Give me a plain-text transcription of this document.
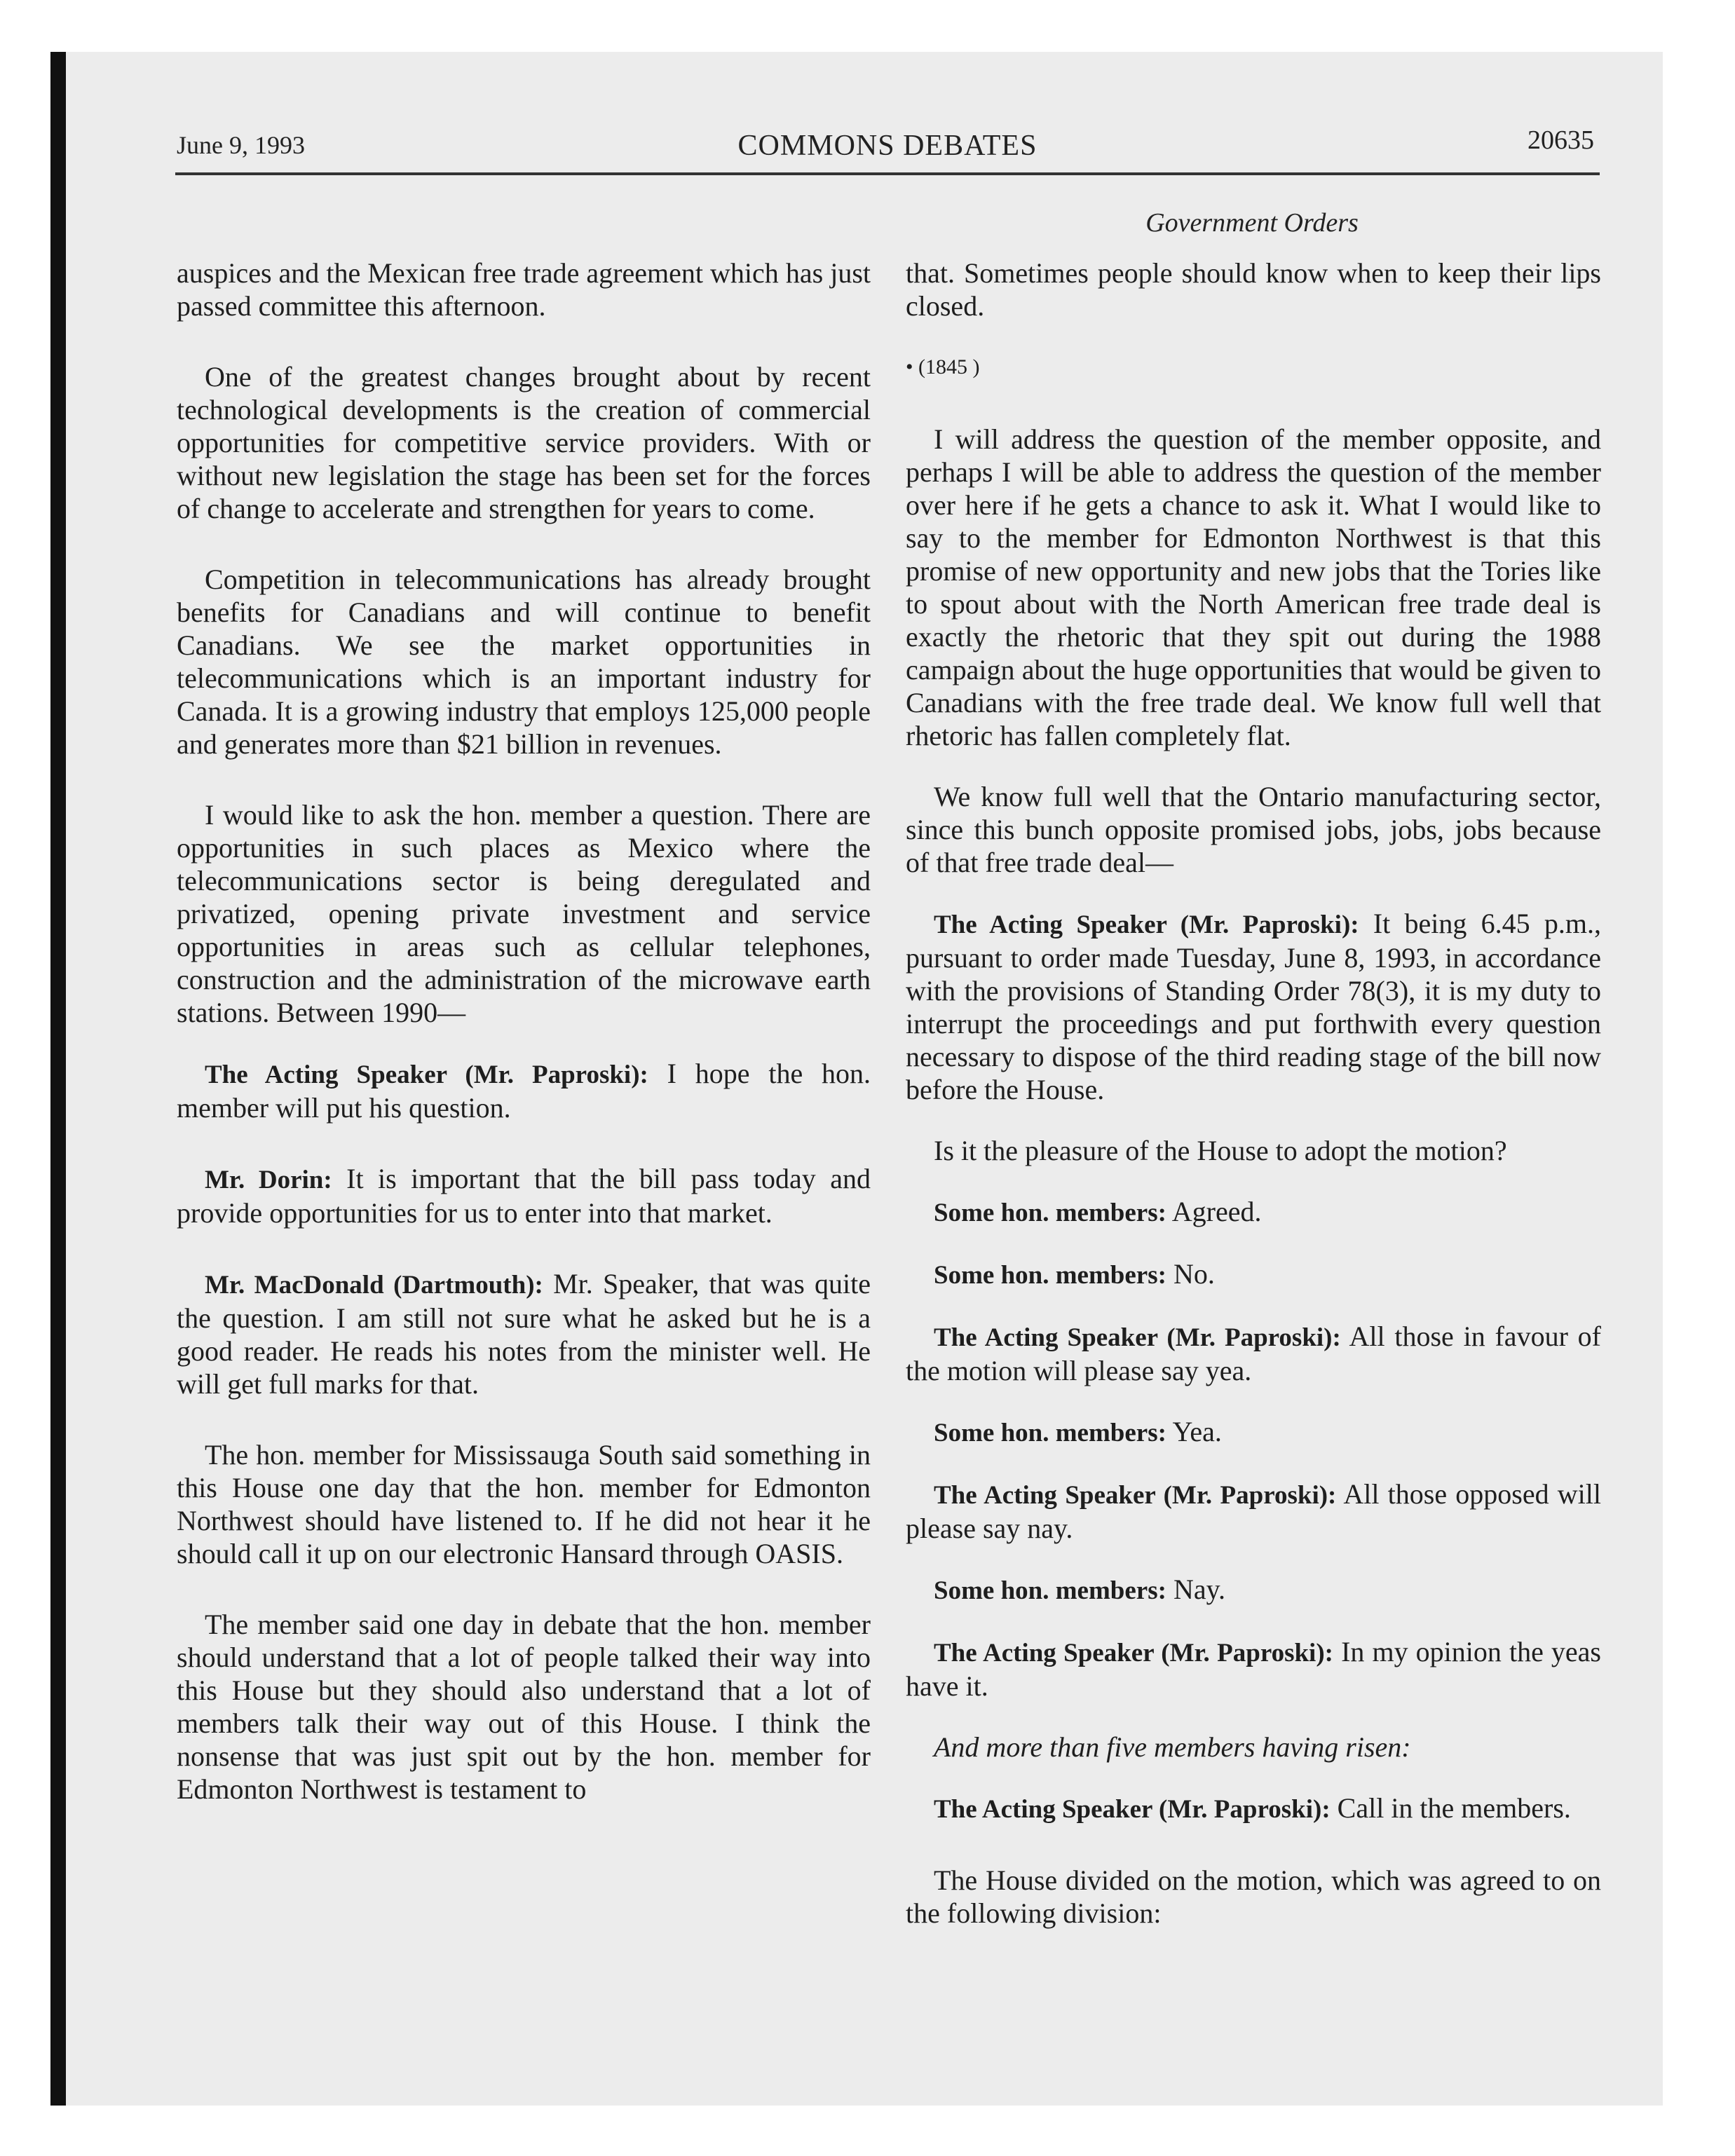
June 9, 1993	COMMONS DEBATES	20635
Government Orders

auspices and the Mexican free trade agreement which has just passed committee this afternoon.

One of the greatest changes brought about by recent technological developments is the creation of commercial opportunities for competitive service providers. With or without new legislation the stage has been set for the forces of change to accelerate and strengthen for years to come.

Competition in telecommunications has already brought benefits for Canadians and will continue to benefit Canadians. We see the market opportunities in telecommunications which is an important industry for Canada. It is a growing industry that employs 125,000 people and generates more than $21 billion in revenues.

I would like to ask the hon. member a question. There are opportunities in such places as Mexico where the telecommunications sector is being deregulated and privatized, opening private investment and service opportunities in areas such as cellular telephones, construction and the administration of the microwave earth stations. Between 1990—

The Acting Speaker (Mr. Paproski): I hope the hon. member will put his question.

Mr. Dorin: It is important that the bill pass today and provide opportunities for us to enter into that market.

Mr. MacDonald (Dartmouth): Mr. Speaker, that was quite the question. I am still not sure what he asked but he is a good reader. He reads his notes from the minister well. He will get full marks for that.

The hon. member for Mississauga South said something in this House one day that the hon. member for Edmonton Northwest should have listened to. If he did not hear it he should call it up on our electronic Hansard through OASIS.

The member said one day in debate that the hon. member should understand that a lot of people talked their way into this House but they should also understand that a lot of members talk their way out of this House. I think the nonsense that was just spit out by the hon. member for Edmonton Northwest is testament to

that. Sometimes people should know when to keep their lips closed.

• (1845 )

I will address the question of the member opposite, and perhaps I will be able to address the question of the member over here if he gets a chance to ask it. What I would like to say to the member for Edmonton Northwest is that this promise of new opportunity and new jobs that the Tories like to spout about with the North American free trade deal is exactly the rhetoric that they spit out during the 1988 campaign about the huge opportunities that would be given to Canadians with the free trade deal. We know full well that rhetoric has fallen completely flat.

We know full well that the Ontario manufacturing sector, since this bunch opposite promised jobs, jobs, jobs because of that free trade deal—

The Acting Speaker (Mr. Paproski): It being 6.45 p.m., pursuant to order made Tuesday, June 8, 1993, in accordance with the provisions of Standing Order 78(3), it is my duty to interrupt the proceedings and put forthwith every question necessary to dispose of the third reading stage of the bill now before the House.

Is it the pleasure of the House to adopt the motion?

Some hon. members: Agreed.

Some hon. members: No.

The Acting Speaker (Mr. Paproski): All those in favour of the motion will please say yea.

Some hon. members: Yea.

The Acting Speaker (Mr. Paproski): All those opposed will please say nay.

Some hon. members: Nay.

The Acting Speaker (Mr. Paproski): In my opinion the yeas have it.

And more than five members having risen:

The Acting Speaker (Mr. Paproski): Call in the members.

The House divided on the motion, which was agreed to on the following division:
